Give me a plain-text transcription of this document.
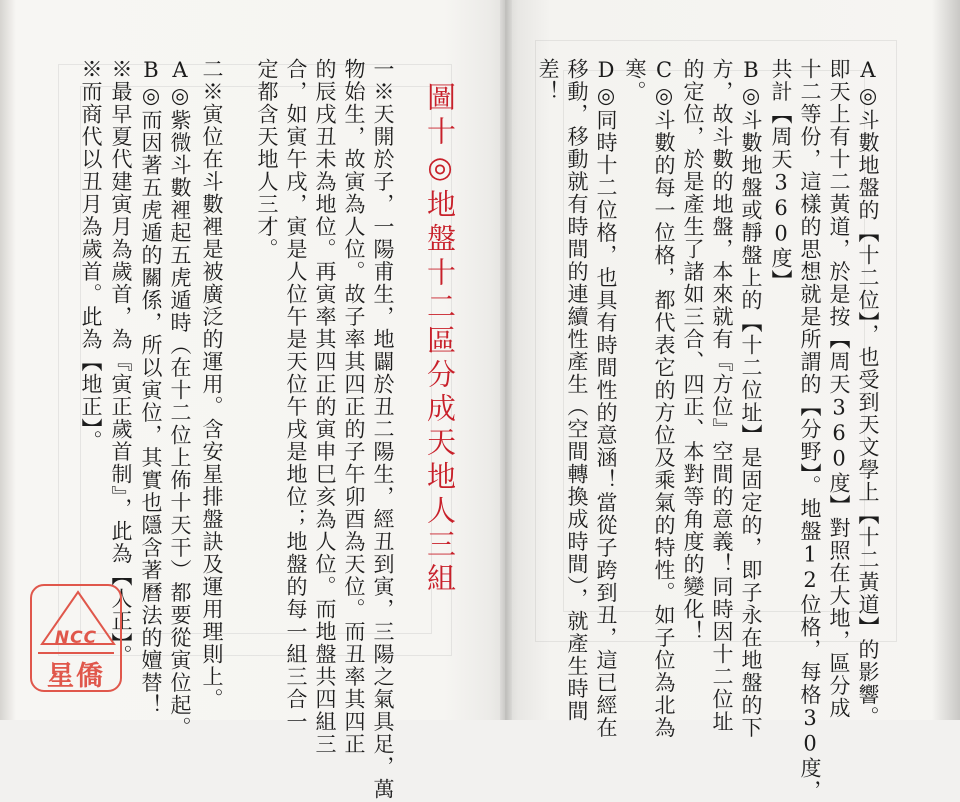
圖十◎地盤十二區分成天地人三組
一※天開於子，一陽甫生，地闢於丑二陽生，經丑到寅，三陽之氣具足，萬
物始生，故寅為人位。故子率其四正的子午卯酉為天位。而丑率其四正
的辰戌丑未為地位。再寅率其四正的寅申巳亥為人位。而地盤共四組三
合，如寅午戌，寅是人位午是天位午戌是地位；地盤的每一組三合一
定都含天地人三才。
二※寅位在斗數裡是被廣泛的運用。含安星排盤訣及運用理則上。
A◎紫微斗數裡起五虎遁時（在十二位上佈十天干）都要從寅位起。
B◎而因著五虎遁的關係，所以寅位，其實也隱含著曆法的嬗替！
※最早夏代建寅月為歲首，為『寅正歲首制』，此為【人正】。
※而商代以丑月為歲首。此為【地正】。	A◎斗數地盤的【十二位】，也受到天文學上【十二黃道】的影響。
即天上有十二黃道，於是按【周天360度】對照在大地，區分成
十二等份，這樣的思想就是所謂的【分野】。地盤12位格，每格30度，
共計【周天360度】
B◎斗數地盤或靜盤上的【十二位址】是固定的，即子永在地盤的下
方，故斗數的地盤，本來就有『方位』空間的意義！同時因十二位址
的定位，於是產生了諸如三合、四正、本對等角度的變化！
C◎斗數的每一位格，都代表它的方位及乘氣的特性。如子位為北為
寒。
D◎同時十二位格，也具有時間性的意涵！當從子跨到丑，這已經在
移動，移動就有時間的連續性產生（空間轉換成時間），就產生時間
差！
NCC
星僑
